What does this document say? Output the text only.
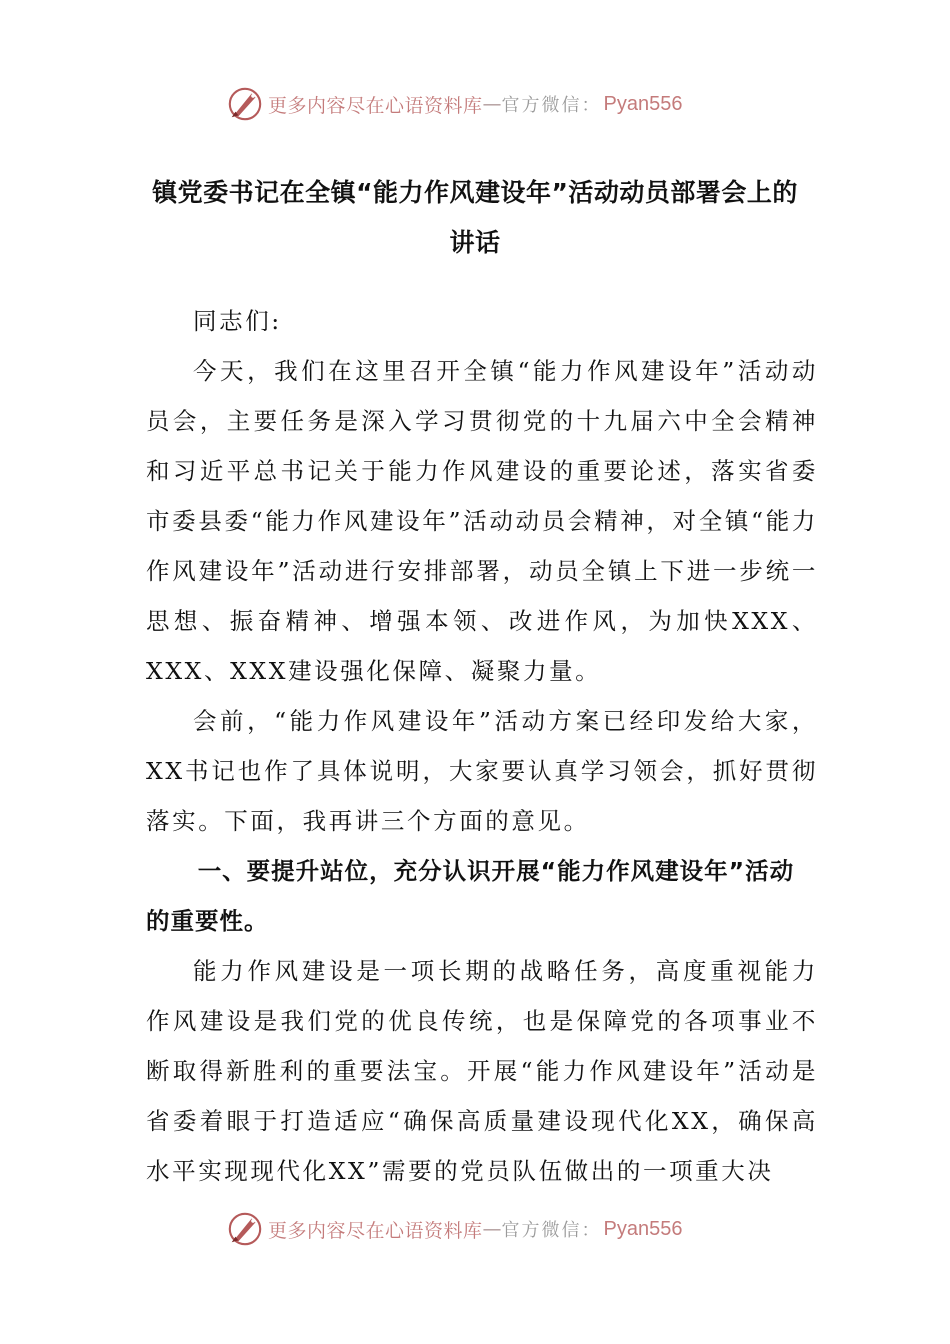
更多内容尽在心语资料库 — 官方微信： Pyan556
镇党委书记在全镇“能力作风建设年”活动动员部署会上的讲话

同志们:

今天，我们在这里召开全镇“能力作风建设年”活动动员会，主要任务是深入学习贯彻党的十九届六中全会精神和习近平总书记关于能力作风建设的重要论述，落实省委市委县委“能力作风建设年”活动动员会精神，对全镇“能力作风建设年”活动进行安排部署，动员全镇上下进一步统一思想、振奋精神、增强本领、改进作风，为加快XXX、XXX、XXX建设强化保障、凝聚力量。

会前，“能力作风建设年”活动方案已经印发给大家，XX书记也作了具体说明，大家要认真学习领会，抓好贯彻落实。下面，我再讲三个方面的意见。

一、要提升站位，充分认识开展“能力作风建设年”活动的重要性。

能力作风建设是一项长期的战略任务，高度重视能力作风建设是我们党的优良传统，也是保障党的各项事业不断取得新胜利的重要法宝。开展“能力作风建设年”活动是省委着眼于打造适应“确保高质量建设现代化XX，确保高水平实现现代化XX”需要的党员队伍做出的一项重大决

更多内容尽在心语资料库 — 官方微信： Pyan556
